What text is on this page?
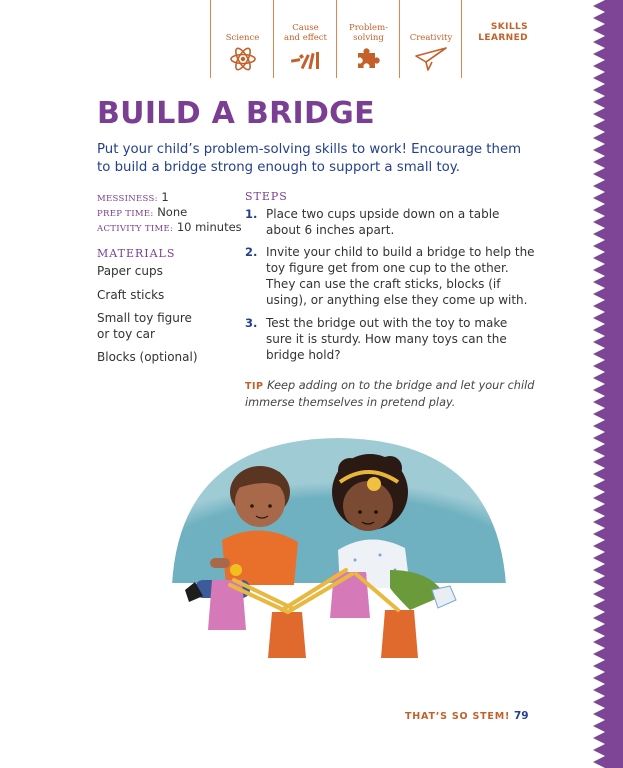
Science
Cause and effect
Problem-solving	Creativity
SKILLS LEARNED
BUILD A BRIDGE
Put your child’s problem-solving skills to work! Encourage them to build a bridge strong enough to support a small toy.
MESSINESS: 1
PREP TIME: None
ACTIVITY TIME: 10 minutes
MATERIALS
Paper cups
Craft sticks
Small toy figure or toy car
Blocks (optional)
STEPS
1. Place two cups upside down on a table about 6 inches apart.
2. Invite your child to build a bridge to help the toy figure get from one cup to the other. They can use the craft sticks, blocks (if using), or anything else they come up with.
3. Test the bridge out with the toy to make sure it is sturdy. How many toys can the bridge hold?
TIP Keep adding on to the bridge and let your child immerse themselves in pretend play.
THAT’S SO STEM! 79
